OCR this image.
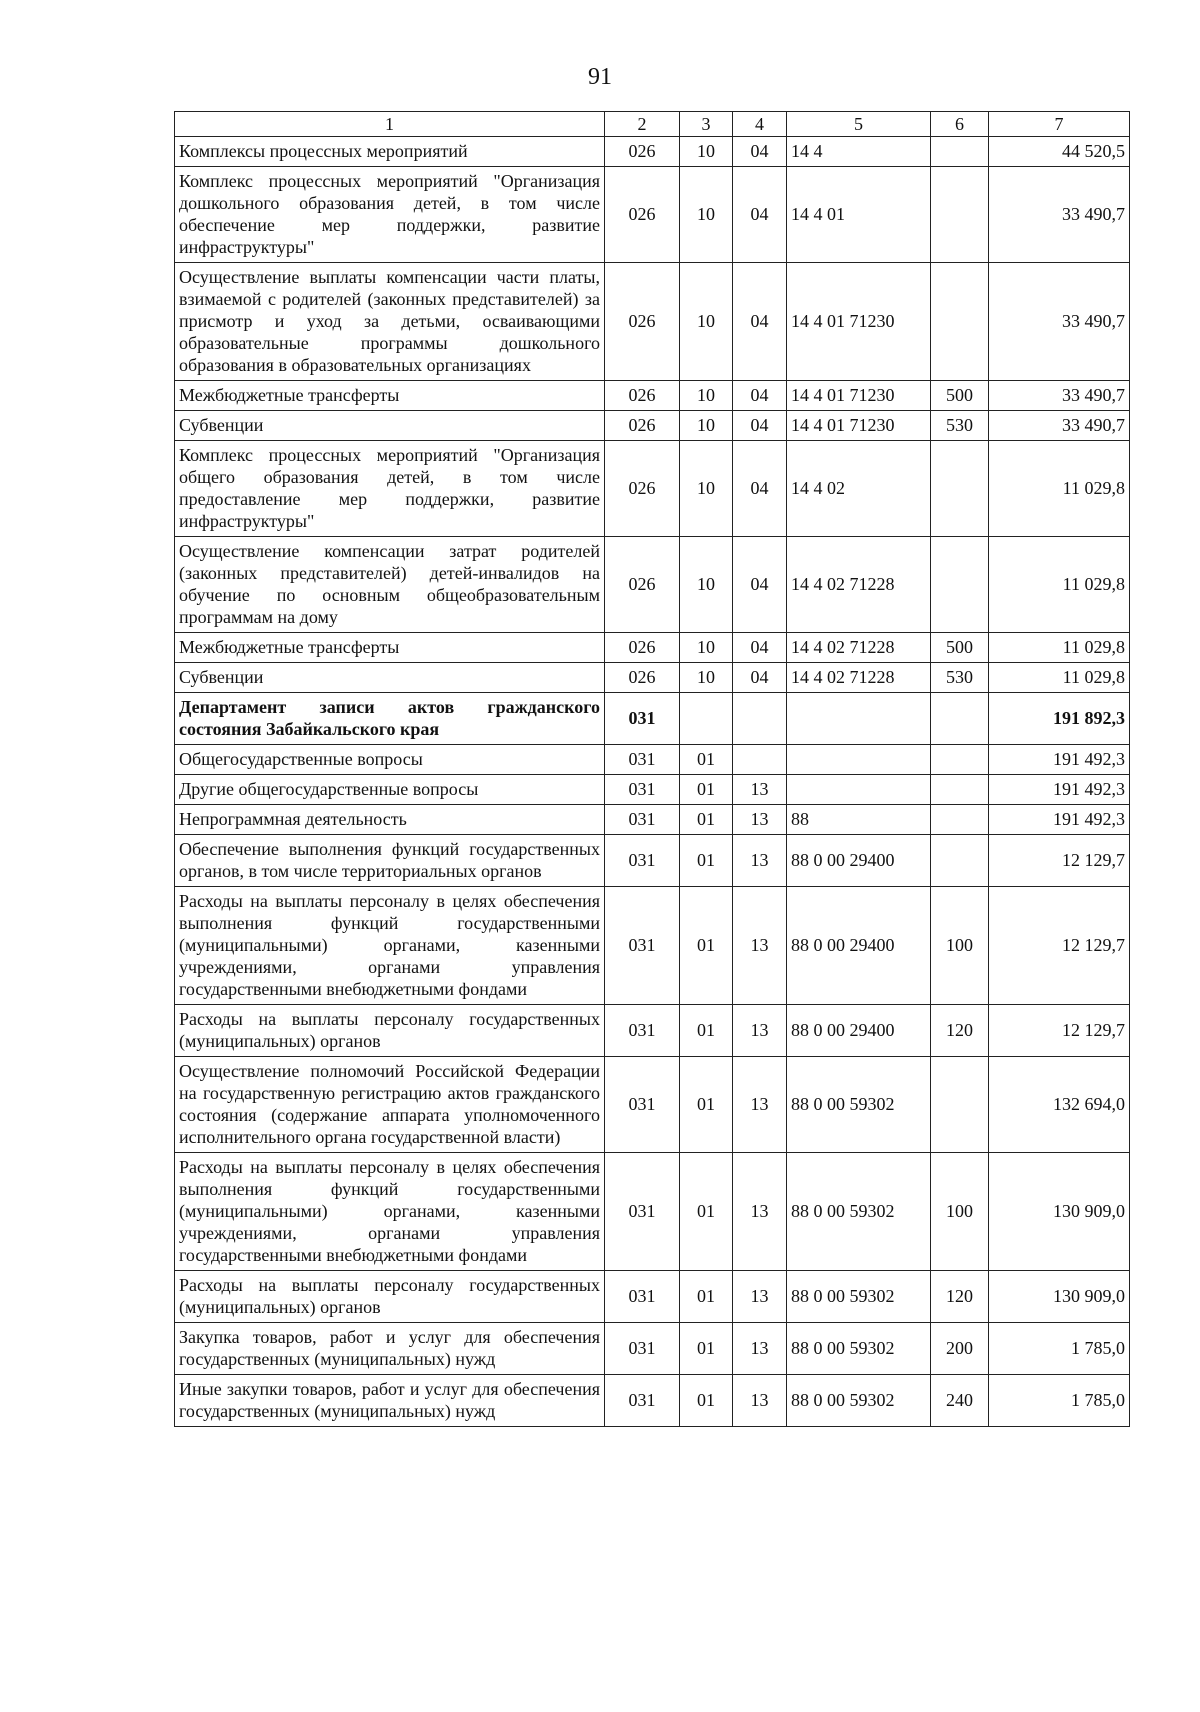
91
1	2	3	4	5	6	7
Комплексы процессных мероприятий	026	10	04	14 4		44 520,5
Комплекс процессных мероприятий "Организация дошкольного образования детей, в том числе обеспечение мер поддержки, развитие инфраструктуры"	026	10	04	14 4 01		33 490,7
Осуществление выплаты компенсации части платы, взимаемой с родителей (законных представителей) за присмотр и уход за детьми, осваивающими образовательные программы дошкольного образования в образовательных организациях	026	10	04	14 4 01 71230		33 490,7
Межбюджетные трансферты	026	10	04	14 4 01 71230	500	33 490,7
Субвенции	026	10	04	14 4 01 71230	530	33 490,7
Комплекс процессных мероприятий "Организация общего образования детей, в том числе предоставление мер поддержки, развитие инфраструктуры"	026	10	04	14 4 02		11 029,8
Осуществление компенсации затрат родителей (законных представителей) детей-инвалидов на обучение по основным общеобразовательным программам на дому	026	10	04	14 4 02 71228		11 029,8
Межбюджетные трансферты	026	10	04	14 4 02 71228	500	11 029,8
Субвенции	026	10	04	14 4 02 71228	530	11 029,8
Департамент записи актов гражданского состояния Забайкальского края	031					191 892,3
Общегосударственные вопросы	031	01				191 492,3
Другие общегосударственные вопросы	031	01	13			191 492,3
Непрограммная деятельность	031	01	13	88		191 492,3
Обеспечение выполнения функций государственных органов, в том числе территориальных органов	031	01	13	88 0 00 29400		12 129,7
Расходы на выплаты персоналу в целях обеспечения выполнения функций государственными (муниципальными) органами, казенными учреждениями, органами управления государственными внебюджетными фондами	031	01	13	88 0 00 29400	100	12 129,7
Расходы на выплаты персоналу государственных (муниципальных) органов	031	01	13	88 0 00 29400	120	12 129,7
Осуществление полномочий Российской Федерации на государственную регистрацию актов гражданского состояния (содержание аппарата уполномоченного исполнительного органа государственной власти)	031	01	13	88 0 00 59302		132 694,0
Расходы на выплаты персоналу в целях обеспечения выполнения функций государственными (муниципальными) органами, казенными учреждениями, органами управления государственными внебюджетными фондами	031	01	13	88 0 00 59302	100	130 909,0
Расходы на выплаты персоналу государственных (муниципальных) органов	031	01	13	88 0 00 59302	120	130 909,0
Закупка товаров, работ и услуг для обеспечения государственных (муниципальных) нужд	031	01	13	88 0 00 59302	200	1 785,0
Иные закупки товаров, работ и услуг для обеспечения государственных (муниципальных) нужд	031	01	13	88 0 00 59302	240	1 785,0
